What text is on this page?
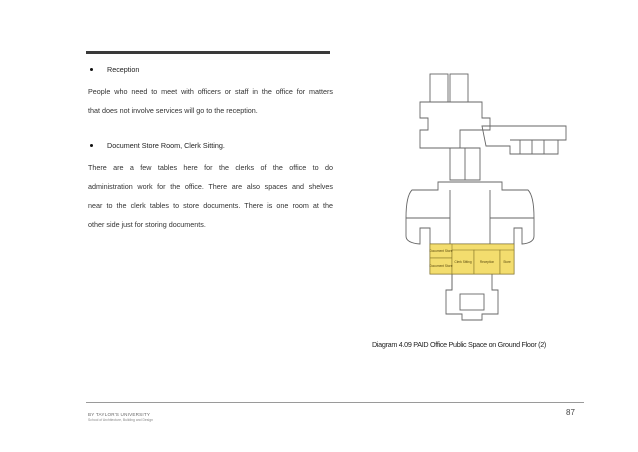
Reception
People who need to meet with officers or staff in the office for matters
that does not involve services will go to the reception.
Document Store Room, Clerk Sitting.
There are a few tables here for the clerks of the office to do
administration work for the office. There are also spaces and shelves
near to the clerk tables to store documents. There is one room at the
other side just for storing documents.
Document Store
Document Store
Clerk Sitting	Reception	Store
Diagram 4.09 PAID Office Public Space on Ground Floor (2)
87
BY TAYLOR'S UNIVERSITY
School of Architecture, Building and Design
